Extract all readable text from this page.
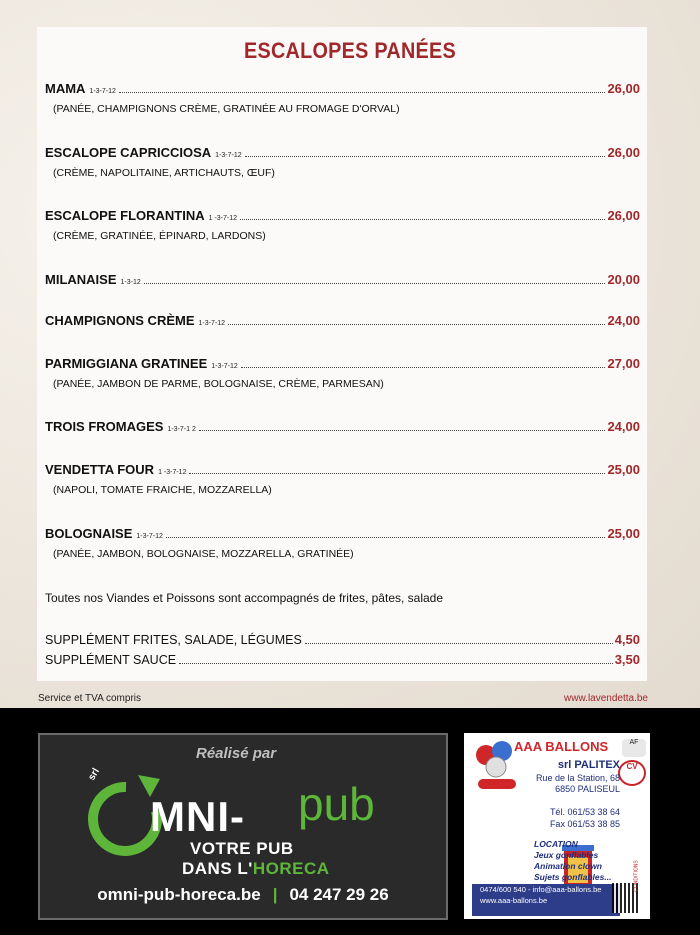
ESCALOPES PANÉES
MAMA 1-3-7-12	26,00
(PANÉE, CHAMPIGNONS CRÈME, GRATINÉE AU FROMAGE D'ORVAL)
ESCALOPE CAPRICCIOSA 1-3-7-12	26,00
(CRÈME, NAPOLITAINE, ARTICHAUTS, ŒUF)
ESCALOPE FLORANTINA 1 -3-7-12	26,00
(CRÈME, GRATINÉE, ÉPINARD, LARDONS)
MILANAISE 1-3-12	20,00
CHAMPIGNONS CRÈME 1-3-7-12	24,00
PARMIGGIANA GRATINEE 1-3-7-12	27,00
(PANÉE, JAMBON DE PARME, BOLOGNAISE, CRÈME, PARMESAN)
TROIS FROMAGES 1-3-7-1 2	24,00
VENDETTA FOUR 1 -3-7-12	25,00
(NAPOLI, TOMATE FRAICHE, MOZZARELLA)
BOLOGNAISE 1-3-7-12	25,00
(PANÉE, JAMBON, BOLOGNAISE, MOZZARELLA, GRATINÉE)
Toutes nos Viandes et Poissons sont accompagnés de frites, pâtes, salade
SUPPLÉMENT FRITES, SALADE, LÉGUMES	4,50
SUPPLÉMENT SAUCE	3,50
Service et TVA compris	www.lavendetta.be
Réalisé par
srl
MNI- pub
VOTRE PUB
DANS L'HORECA
omni-pub-horeca.be | 04 247 29 26
AAA BALLONS	AF
CV
srl PALITEX
Rue de la Station, 68
6850 PALISEUL
Tél. 061/53 38 64
Fax 061/53 38 85
LOCATION
Jeux gonflables
Animation clown
Sujets gonflables...
0474/600 540 - info@aaa-ballons.be
www.aaa-ballons.be
CONDITIONS
